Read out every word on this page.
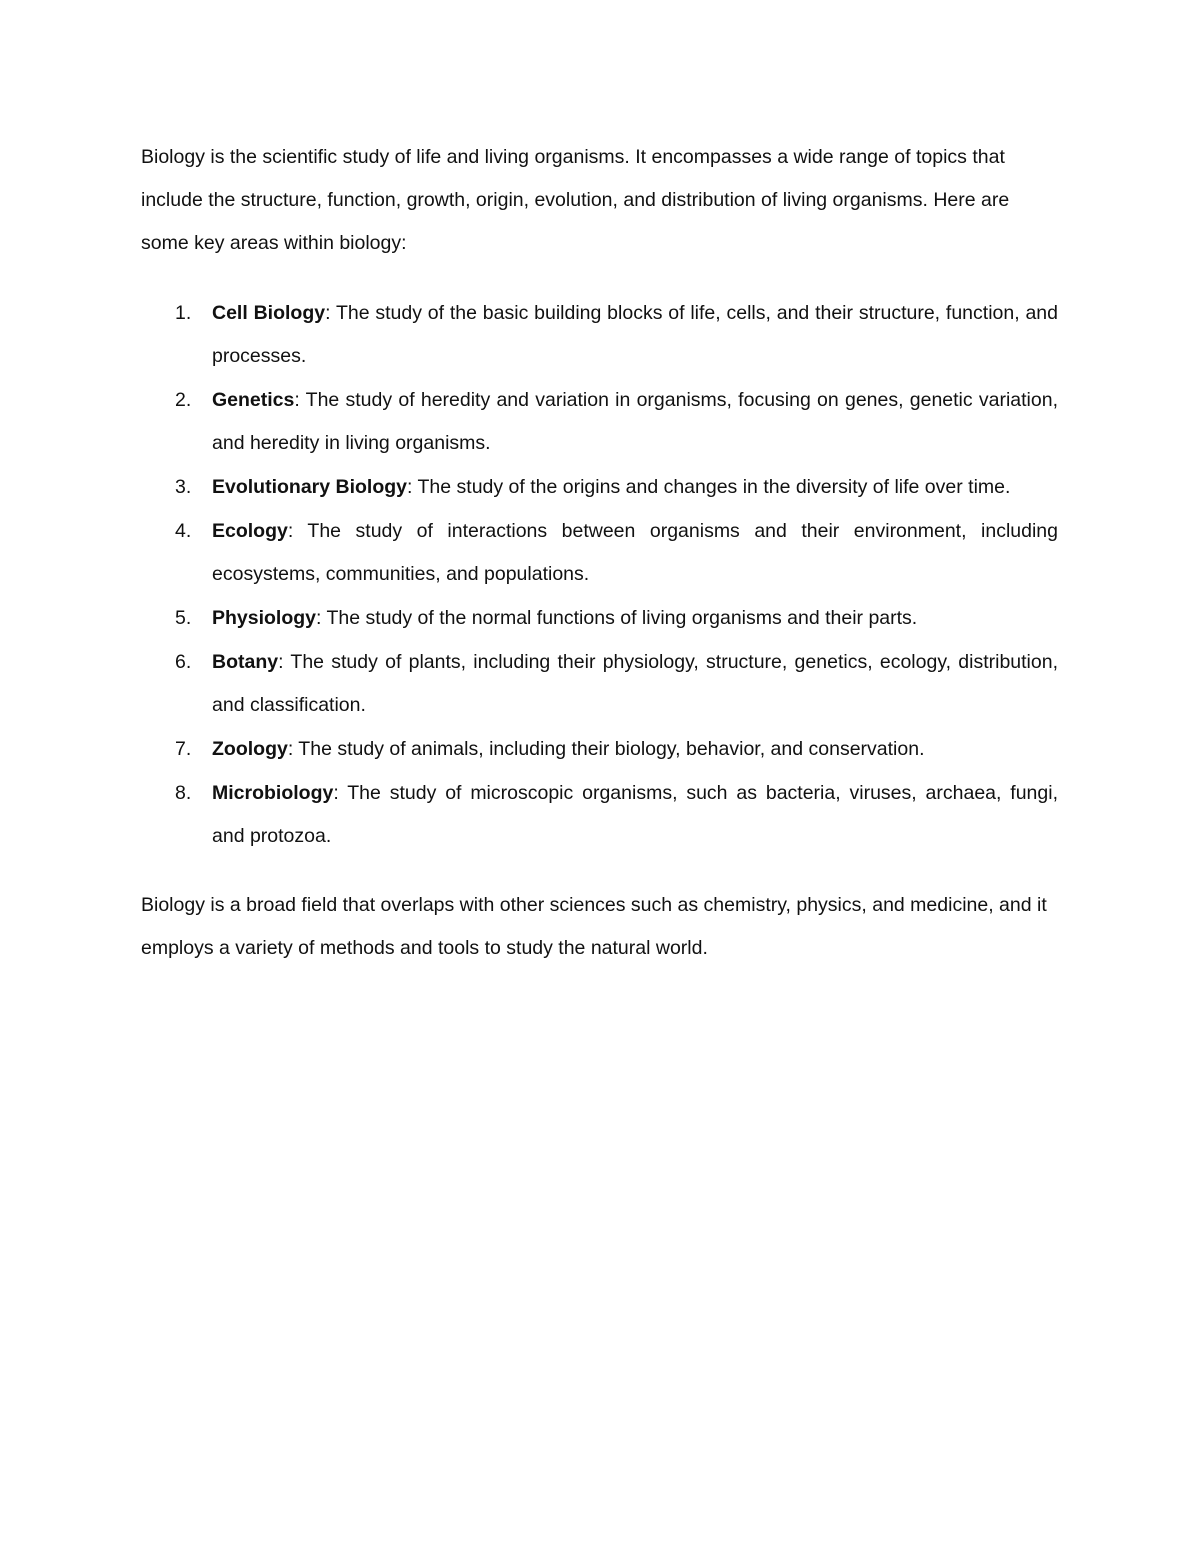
Biology is the scientific study of life and living organisms. It encompasses a wide range of topics that include the structure, function, growth, origin, evolution, and distribution of living organisms. Here are some key areas within biology:

1. Cell Biology: The study of the basic building blocks of life, cells, and their structure, function, and processes.
2. Genetics: The study of heredity and variation in organisms, focusing on genes, genetic variation, and heredity in living organisms.
3. Evolutionary Biology: The study of the origins and changes in the diversity of life over time.
4. Ecology: The study of interactions between organisms and their environment, including ecosystems, communities, and populations.
5. Physiology: The study of the normal functions of living organisms and their parts.
6. Botany: The study of plants, including their physiology, structure, genetics, ecology, distribution, and classification.
7. Zoology: The study of animals, including their biology, behavior, and conservation.
8. Microbiology: The study of microscopic organisms, such as bacteria, viruses, archaea, fungi, and protozoa.

Biology is a broad field that overlaps with other sciences such as chemistry, physics, and medicine, and it employs a variety of methods and tools to study the natural world.
